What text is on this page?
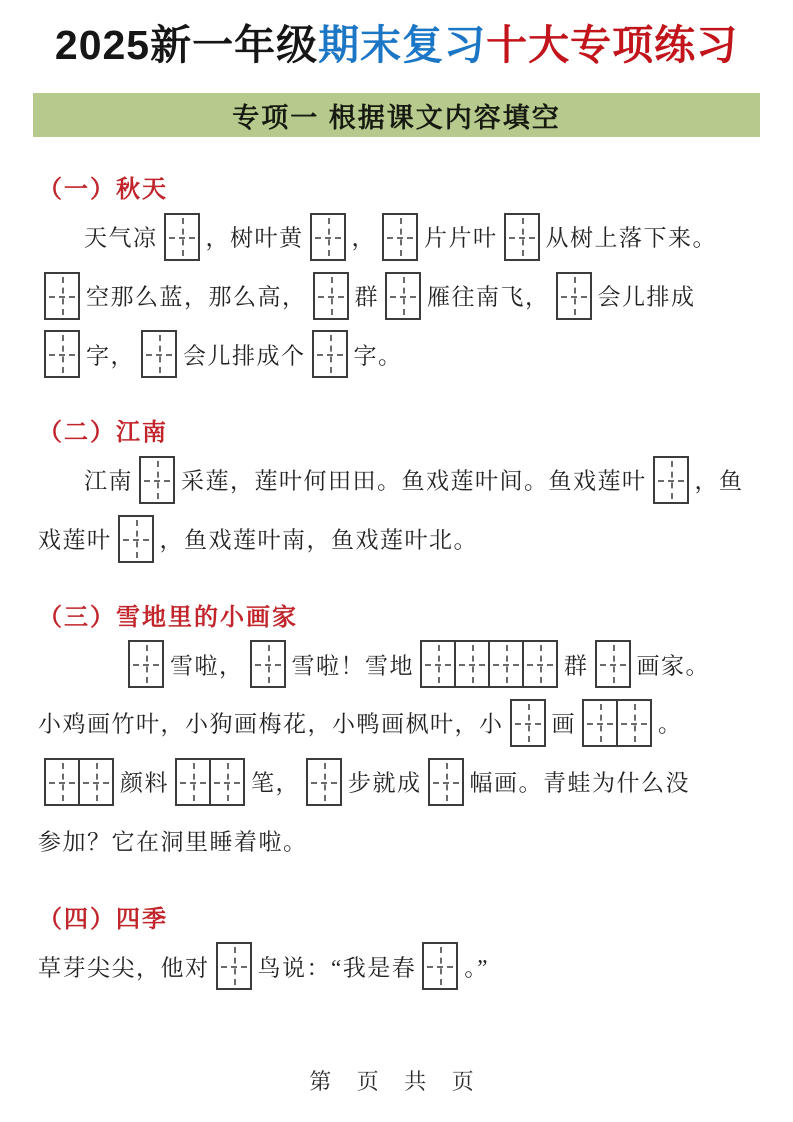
2025新一年级期末复习十大专项练习
专项一 根据课文内容填空
（一）秋天

天气凉 ，树叶黄 ， 片片叶 从树上落下来。

空那么蓝，那么高， 群 雁往南飞， 会儿排成

字， 会儿排成个 字。

（二）江南

江南 采莲，莲叶何田田。鱼戏莲叶间。鱼戏莲叶 ，鱼

戏莲叶 ，鱼戏莲叶南，鱼戏莲叶北。

（三）雪地里的小画家

雪啦， 雪啦！雪地	群 画家。

小鸡画竹叶，小狗画梅花，小鸭画枫叶，小 画	。

颜料	笔， 步就成 幅画。青蛙为什么没

参加？它在洞里睡着啦。

（四）四季

草芽尖尖，他对 鸟说：“我是春 。”

第 页 共 页
